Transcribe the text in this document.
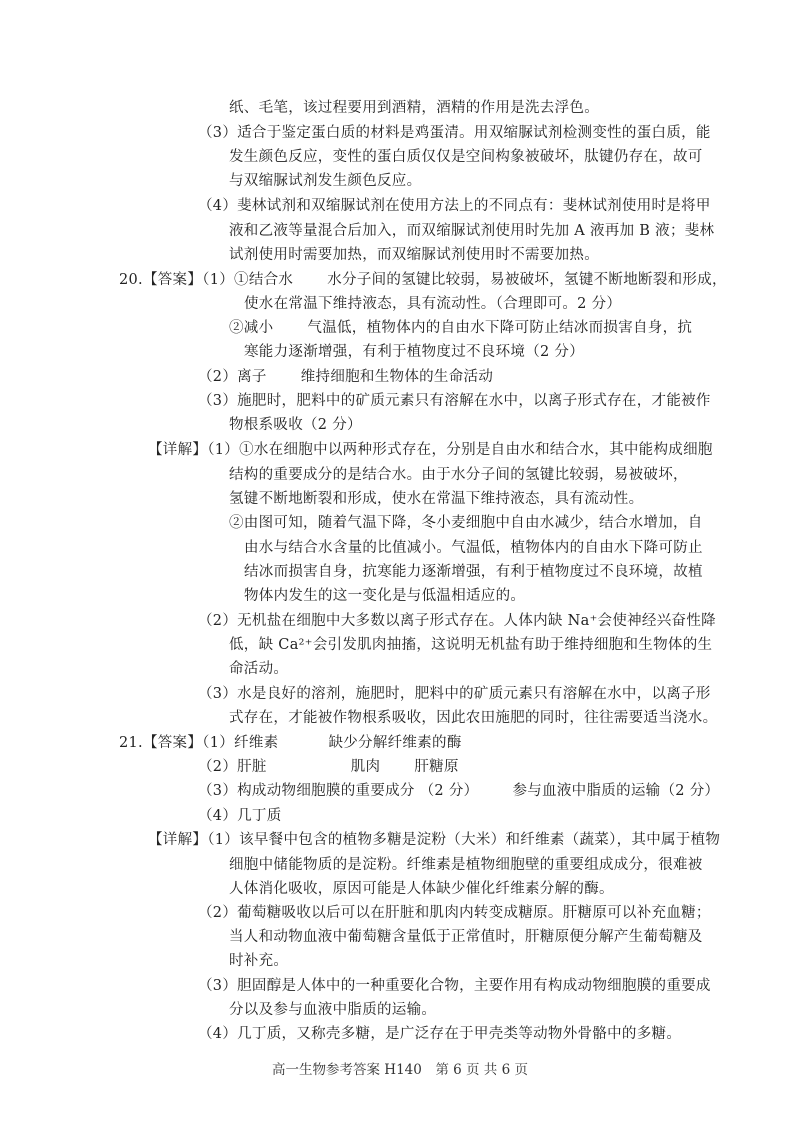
纸、毛笔，该过程要用到酒精，酒精的作用是洗去浮色。
（3）适合于鉴定蛋白质的材料是鸡蛋清。用双缩脲试剂检测变性的蛋白质，能
发生颜色反应，变性的蛋白质仅仅是空间构象被破坏，肽键仍存在，故可
与双缩脲试剂发生颜色反应。
（4）斐林试剂和双缩脲试剂在使用方法上的不同点有：斐林试剂使用时是将甲
液和乙液等量混合后加入，而双缩脲试剂使用时先加 A 液再加 B 液；斐林
试剂使用时需要加热，而双缩脲试剂使用时不需要加热。
20.【答案】（1）①结合水 水分子间的氢键比较弱，易被破坏，氢键不断地断裂和形成，
使水在常温下维持液态，具有流动性。（合理即可。2 分）
②减小 气温低，植物体内的自由水下降可防止结冰而损害自身，抗
寒能力逐渐增强，有利于植物度过不良环境（2 分）
（2）离子 维持细胞和生物体的生命活动
（3）施肥时，肥料中的矿质元素只有溶解在水中，以离子形式存在，才能被作
物根系吸收（2 分）
【详解】（1）①水在细胞中以两种形式存在，分别是自由水和结合水，其中能构成细胞
结构的重要成分的是结合水。由于水分子间的氢键比较弱，易被破坏，
氢键不断地断裂和形成，使水在常温下维持液态，具有流动性。
②由图可知，随着气温下降，冬小麦细胞中自由水减少，结合水增加，自
由水与结合水含量的比值减小。气温低，植物体内的自由水下降可防止
结冰而损害自身，抗寒能力逐渐增强，有利于植物度过不良环境，故植
物体内发生的这一变化是与低温相适应的。
（2）无机盐在细胞中大多数以离子形式存在。人体内缺 Na⁺会使神经兴奋性降
低，缺 Ca²⁺会引发肌肉抽搐，这说明无机盐有助于维持细胞和生物体的生
命活动。
（3）水是良好的溶剂，施肥时，肥料中的矿质元素只有溶解在水中，以离子形
式存在，才能被作物根系吸收，因此农田施肥的同时，往往需要适当浇水。
21.【答案】（1）纤维素	缺少分解纤维素的酶
（2）肝脏	肌肉 肝糖原
（3）构成动物细胞膜的重要成分 （2 分） 参与血液中脂质的运输（2 分）
（4）几丁质
【详解】（1）该早餐中包含的植物多糖是淀粉（大米）和纤维素（蔬菜），其中属于植物
细胞中储能物质的是淀粉。纤维素是植物细胞壁的重要组成成分，很难被
人体消化吸收，原因可能是人体缺少催化纤维素分解的酶。
（2）葡萄糖吸收以后可以在肝脏和肌肉内转变成糖原。肝糖原可以补充血糖；
当人和动物血液中葡萄糖含量低于正常值时，肝糖原便分解产生葡萄糖及
时补充。
（3）胆固醇是人体中的一种重要化合物，主要作用有构成动物细胞膜的重要成
分以及参与血液中脂质的运输。
（4）几丁质，又称壳多糖，是广泛存在于甲壳类等动物外骨骼中的多糖。
高一生物参考答案 H140　第 6 页 共 6 页
